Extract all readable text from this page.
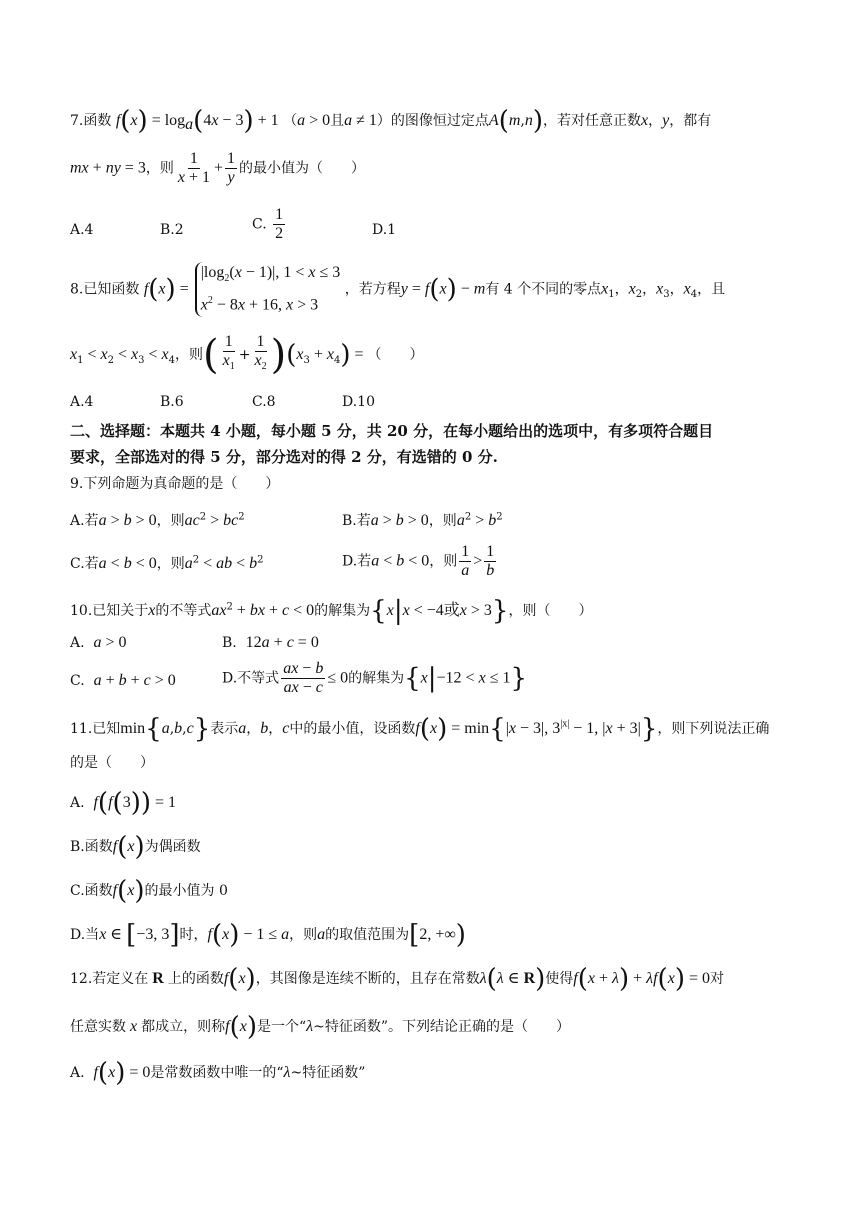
7.函数 $f(x) = \log_a(4x - 3) + 1$ （a > 0且a ≠ 1）的图像恒过定点A(m,n)，若对任意正数x，y，都有
mx + ny = 3，则 $\frac{1}{x + 1} + \frac{1}{y}$ 的最小值为（　　）
A.4	B.2	C. $\frac{1}{2}$	D.1
8.已知函数 f(x) =
$|\log_2(x - 1)|$, 1 < x ≤ 3
$x^2 - 8x + 16$, x > 3
，若方程y = f(x) − m有 4 个不同的零点$x_1$，$x_2$，$x_3$，$x_4$，且
$x_1 < x_2 < x_3 < x_4$，则( $\frac{1}{x_1} + \frac{1}{x_2} )(x_3 + x_4)$ = （　　）
A.4	B.6	C.8	D.10
二、选择题：本题共 4 小题，每小题 5 分，共 20 分，在每小题给出的选项中，有多项符合题目
要求，全部选对的得 5 分，部分选对的得 2 分，有选错的 0 分.
9.下列命题为真命题的是（　　）
A.若a > b > 0，则$ac^2 > bc^2$	B.若a > b > 0，则$a^2 > b^2$
C.若a < b < 0，则$a^2$ < ab < $b^2$	D.若a < b < 0，则 $\frac{1}{a} > \frac{1}{b}$
10.已知关于x的不等式$ax^2$ + bx + c < 0的解集为{x|x < −4或x > 3}，则（　　）
A. a > 0	B. 12a + c = 0
C. a + b + c > 0	D.不等式 $\frac{ax - b}{ax - c} \le 0$的解集为{x|−12 < x ≤ 1}
11.已知min{a,b,c}表示a，b，c中的最小值，设函数f(x) = min{|x − 3|, $3^{|x|} - 1$, |x + 3|}，则下列说法正确
的是（　　）
A. f(f(3)) = 1
B.函数f(x)为偶函数
C.函数f(x)的最小值为 0
D.当x ∈ [−3, 3]时，f(x) − 1 ≤ a，则a的取值范围为[2, +∞)
12.若定义在 R 上的函数f(x)，其图像是连续不断的，且存在常数λ(λ ∈ R)使得f(x + λ) + λf(x) = 0对
任意实数 x 都成立，则称f(x)是一个“λ~特征函数”。下列结论正确的是（　　）
A. f(x) = 0是常数函数中唯一的“λ~特征函数”
